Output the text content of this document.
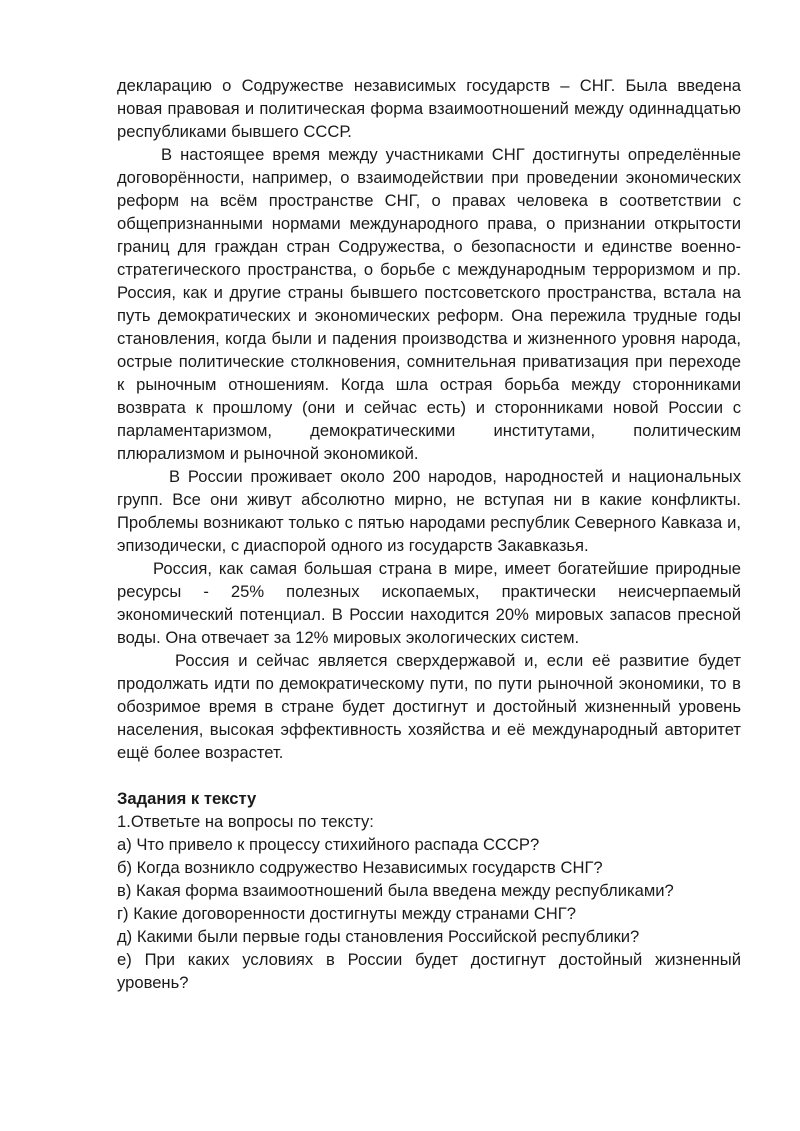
декларацию о Содружестве независимых государств – СНГ. Была введена новая правовая и политическая форма взаимоотношений между одиннадцатью республиками бывшего СССР.

В настоящее время между участниками СНГ достигнуты определённые договорённости, например, о взаимодействии при проведении экономических реформ на всём пространстве СНГ, о правах человека в соответствии с общепризнанными нормами международного права, о признании открытости границ для граждан стран Содружества, о безопасности и единстве военно-стратегического пространства, о борьбе с международным терроризмом и пр. Россия, как и другие страны бывшего постсоветского пространства, встала на путь демократических и экономических реформ. Она пережила трудные годы становления, когда были и падения производства и жизненного уровня народа, острые политические столкновения, сомнительная приватизация при переходе к рыночным отношениям. Когда шла острая борьба между сторонниками возврата к прошлому (они и сейчас есть) и сторонниками новой России с парламентаризмом, демократическими институтами, политическим плюрализмом и рыночной экономикой.

В России проживает около 200 народов, народностей и национальных групп. Все они живут абсолютно мирно, не вступая ни в какие конфликты. Проблемы возникают только с пятью народами республик Северного Кавказа и, эпизодически, с диаспорой одного из государств Закавказья.

Россия, как самая большая страна в мире, имеет богатейшие природные ресурсы - 25% полезных ископаемых, практически неисчерпаемый экономический потенциал. В России находится 20% мировых запасов пресной воды. Она отвечает за 12% мировых экологических систем.

Россия и сейчас является сверхдержавой и, если её развитие будет продолжать идти по демократическому пути, по пути рыночной экономики, то в обозримое время в стране будет достигнут и достойный жизненный уровень населения, высокая эффективность хозяйства и её международный авторитет ещё более возрастет.

Задания к тексту

1.Ответьте на вопросы по тексту:

а) Что привело к процессу стихийного распада СССР?

б) Когда возникло содружество Независимых государств СНГ?

в) Какая форма взаимоотношений была введена между республиками?

г) Какие договоренности достигнуты между странами СНГ?

д) Какими были первые годы становления Российской республики?

е) При каких условиях в России будет достигнут достойный жизненный уровень?
